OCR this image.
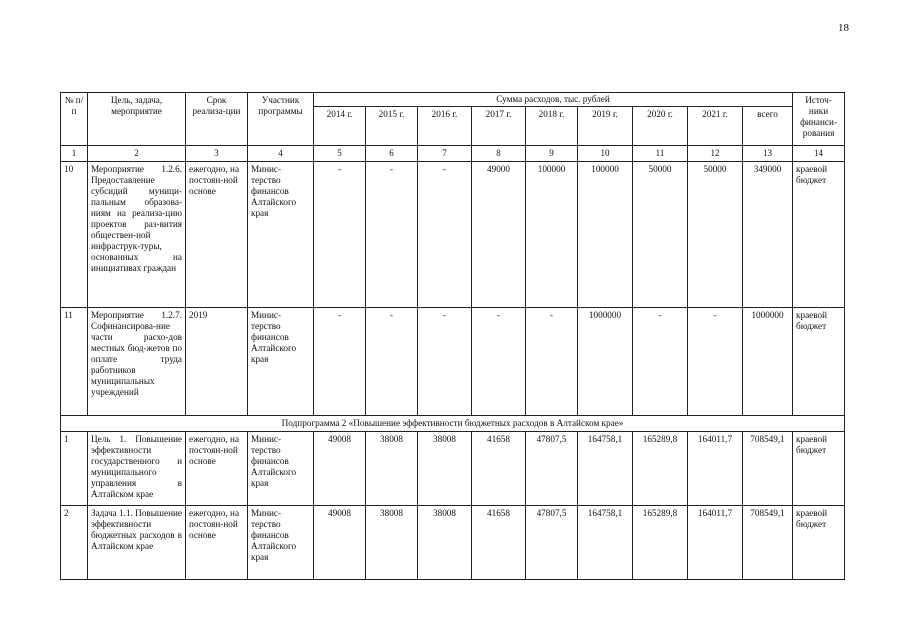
18
№ п/п	Цель, задача, мероприятие	Срок реализа-ции	Участник программы	Сумма расходов, тыс. рублей									Источ-ники финанси-рования
				2014 г.	2015 г.	2016 г.	2017 г.	2018 г.	2019 г.	2020 г.	2021 г.	всего	
1	2	3	4	5	6	7	8	9	10	11	12	13	14
10	Мероприятие 1.2.6. Предоставление субсидий муници-пальным образова-ниям на реализа-цию проектов раз-вития обществен-ной инфраструк-туры, основанных на инициативах граждан	ежегодно, на постоян-ной основе	Минис-терство финансов Алтайского края	-	-	-	49000	100000	100000	50000	50000	349000	краевой бюджет
11	Мероприятие 1.2.7. Софинансирова-ние части расхо-дов местных бюд-жетов по оплате труда работников муниципальных учреждений	2019	Минис-терство финансов Алтайского края	-	-	-	-	-	1000000	-	-	1000000	краевой бюджет
Подпрограмма 2 «Повышение эффективности бюджетных расходов в Алтайском крае»													
1	Цель 1. Повышение эффективности государственного и муниципального управления в Алтайском крае	ежегодно, на постоян-ной основе	Минис-терство финансов Алтайского края	49008	38008	38008	41658	47807,5	164758,1	165289,8	164011,7	708549,1	краевой бюджет
2	Задача 1.1. Повышение эффективности бюджетных расходов в Алтайском крае	ежегодно, на постоян-ной основе	Минис-терство финансов Алтайского края	49008	38008	38008	41658	47807,5	164758,1	165289,8	164011,7	708549,1	краевой бюджет
